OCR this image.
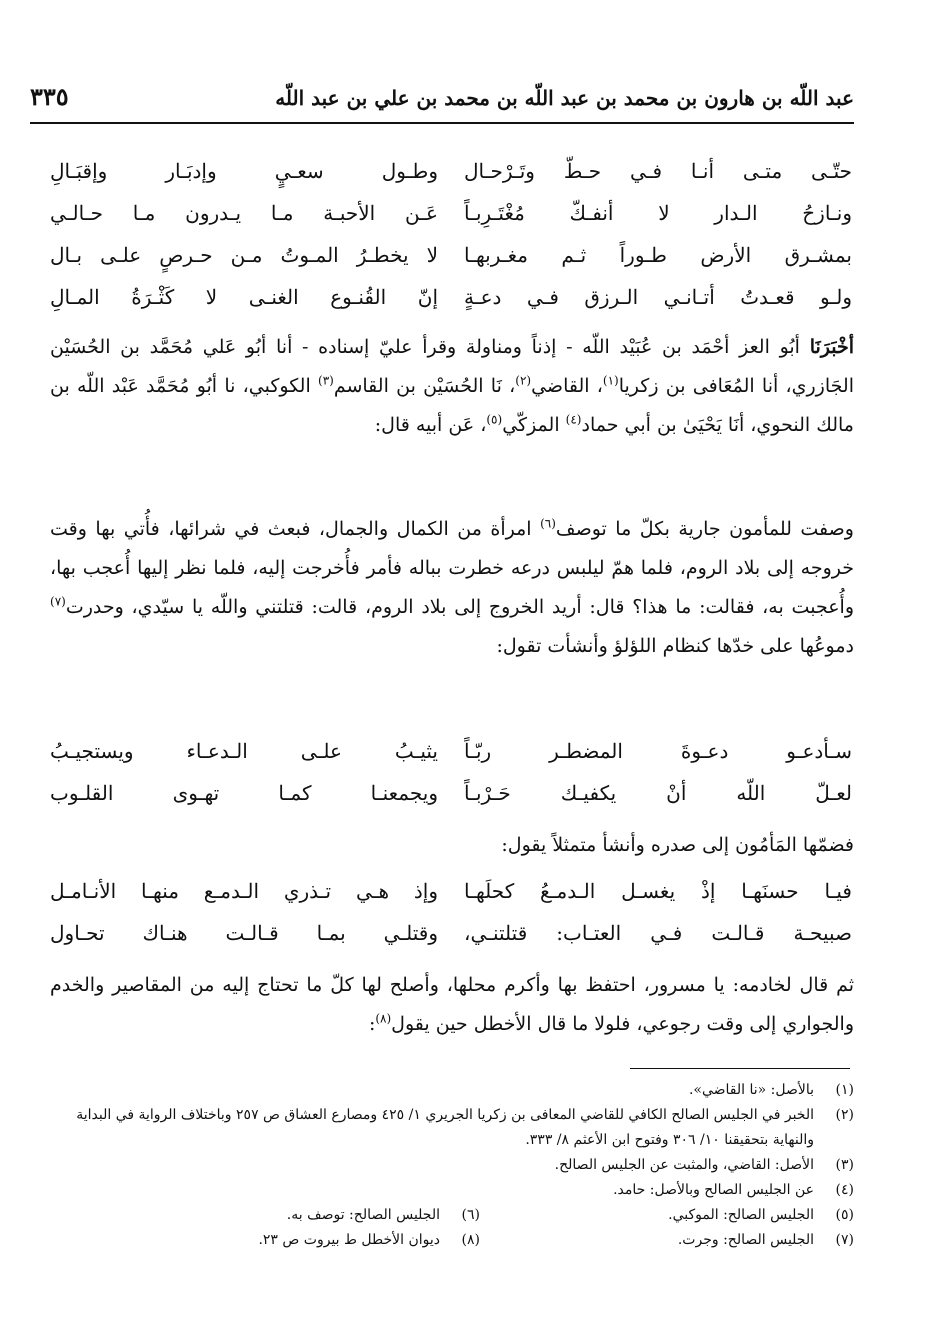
عبد اللّه بن هارون بن محمد بن عبد اللّه بن محمد بن علي بن عبد اللّه
٣٣٥
حتّـى متـى أنـا فـي حـطّ وتَـرْحـال
وطـول سعـيٍ وإدبَـار وإقبَـالِ
ونـازحُ الـدار لا أنفـكّ مُغْتَـرِبـاً
عَـن الأحبـة مـا يـدرون مـا حـالـي
بمشـرق الأرض طـوراً ثـم مغـربهـا
لا يخطـرُ المـوتُ مـن حـرصٍ علـى بـال
ولـو قعـدتُ أتـانـي الـرزق فـي دعـةٍ
إنّ القُنـوع الغنـى لا كَثْـرَةُ المـالِ
أخْبَرَنَا أبُو العز أحْمَد بن عُبَيْد اللّه - إذناً ومناولة وقرأ عليّ إسناده - أنا أبُو عَلي مُحَمَّد بن الحُسَيْن الجَازري، أنا المُعَافى بن زكريا$^{(١)}$، القاضي$^{(٢)}$، نَا الحُسَيْن بن القاسم$^{(٣)}$ الكوكبي، نا أبُو مُحَمَّد عَبْد اللّه بن مالك النحوي، أنَا يَحْيَىٰ بن أبي حماد$^{(٤)}$ المزكّي$^{(٥)}$، عَن أبيه قال:
وصفت للمأمون جارية بكلّ ما توصف$^{(٦)}$ امرأة من الكمال والجمال، فبعث في شرائها، فأُتي بها وقت خروجه إلى بلاد الروم، فلما همّ ليلبس درعه خطرت بباله فأمر فأُخرجت إليه، فلما نظر إليها أُعجب بها، وأُعجبت به، فقالت: ما هذا؟ قال: أريد الخروج إلى بلاد الروم، قالت: قتلتني واللّه يا سيّدي، وحدرت$^{(٧)}$ دموعُها على خدّها كنظام اللؤلؤ وأنشأت تقول:
سـأدعـو دعـوةَ المضطـر ربّـاً
يثيـبُ علـى الـدعـاء ويستجيـبُ
لعـلّ اللّه أنْ يكفيـك حَـرْبـاً
ويجمعنـا كمـا تهـوى القلـوب
فضمّها المَأمُون إلى صدره وأنشأ متمثلاً يقول:
فيـا حسنَهـا إذْ يغسـل الـدمـعُ كحلَهـا
وإذ هـي تـذري الـدمـع منهـا الأنـامـل
صبيحـة قـالـت فـي العتـاب: قتلتنـي،
وقتلـي بمـا قـالـت هنـاك تحـاول
ثم قال لخادمه: يا مسرور، احتفظ بها وأكرم محلها، وأصلح لها كلّ ما تحتاج إليه من المقاصير والخدم والجواري إلى وقت رجوعي، فلولا ما قال الأخطل حين يقول$^{(٨)}$:
(١)
بالأصل: «نا القاضي».
(٢)
الخبر في الجليس الصالح الكافي للقاضي المعافى بن زكريا الجريري ١/ ٤٢٥ ومصارع العشاق ص ٢٥٧ وباختلاف الرواية في البداية والنهاية بتحقيقنا ١٠/ ٣٠٦ وفتوح ابن الأعثم ٨/ ٣٣٣.
(٣)
الأصل: القاضي، والمثبت عن الجليس الصالح.
(٤)
عن الجليس الصالح وبالأصل: حامد.
(٥)
الجليس الصالح: الموكبي.
(٦)
الجليس الصالح: توصف به.
(٧)
الجليس الصالح: وجرت.
(٨)
ديوان الأخطل ط بيروت ص ٢٣.
